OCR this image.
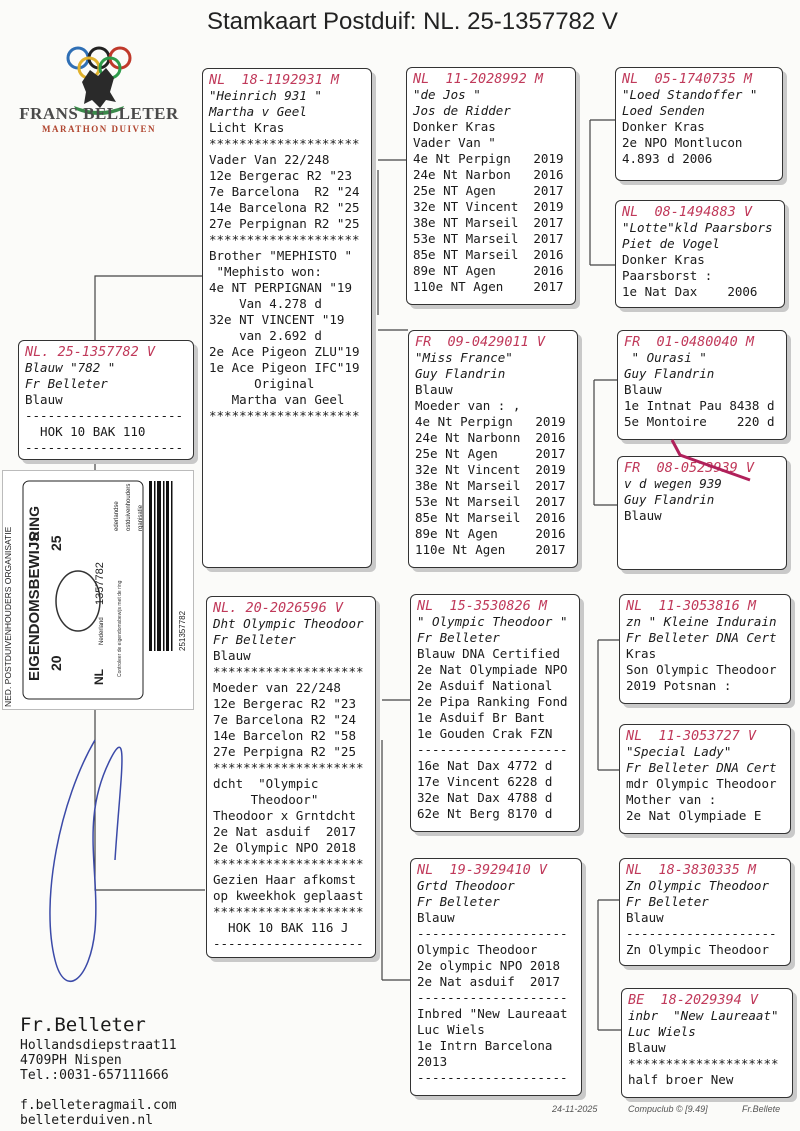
Stamkaart Postduif: NL. 25-1357782 V
FRANS BELLETER
MARATHON DUIVEN
NL. 25-1357782 V
Blauw "782 "
Fr Belleter
Blauw
---------------------
HOK 10 BAK 110
---------------------
NED. POSTDUIVENHOUDERS ORGANISATIE EIGENDOMSBEWIJS
RING
20
25
NL
Nederland
1357782 Controleer de eigendomsbewijs met de ring
ederlandse ostduivenhouders rganisatie
251357782
NL  18-1192931 M
"Heinrich 931 "
Martha v Geel
Licht Kras
********************
Vader Van 22/248
12e Bergerac R2 "23
7e Barcelona  R2 "24
14e Barcelona R2 "25
27e Perpignan R2 "25
********************
Brother "MEPHISTO "
"Mephisto won:
4e NT PERPIGNAN "19
Van 4.278 d
32e NT VINCENT "19
van 2.692 d
2e Ace Pigeon ZLU"19
1e Ace Pigeon IFC"19
Original
Martha van Geel
********************
NL. 20-2026596 V
Dht Olympic Theodoor
Fr Belleter
Blauw
********************
Moeder van 22/248
12e Bergerac R2 "23
7e Barcelona R2 "24
14e Barcelon R2 "58
27e Perpigna R2 "25
********************
dcht  "Olympic
Theodoor"
Theodoor x Grntdcht
2e Nat asduif  2017
2e Olympic NPO 2018
********************
Gezien Haar afkomst
op kweekhok geplaast
********************
HOK 10 BAK 116 J
--------------------
NL  11-2028992 M
"de Jos "
Jos de Ridder
Donker Kras
Vader Van "
4e Nt Perpign   2019
24e Nt Narbon   2016
25e NT Agen     2017
32e NT Vincent  2019
38e NT Marseil  2017
53e NT Marseil  2017
85e NT Marseil  2016
89e NT Agen     2016
110e NT Agen    2017
FR  09-0429011 V
"Miss France"
Guy Flandrin
Blauw
Moeder van : ,
4e Nt Perpign   2019
24e Nt Narbonn  2016
25e Nt Agen     2017
32e Nt Vincent  2019
38e Nt Marseil  2017
53e Nt Marseil  2017
85e Nt Marseil  2016
89e Nt Agen     2016
110e Nt Agen    2017
NL  15-3530826 M
" Olympic Theodoor "
Fr Belleter
Blauw DNA Certified
2e Nat Olympiade NPO
2e Asduif National
2e Pipa Ranking Fond
1e Asduif Br Bant
1e Gouden Crak FZN
--------------------
16e Nat Dax 4772 d
17e Vincent 6228 d
32e Nat Dax 4788 d
62e Nt Berg 8170 d
NL  19-3929410 V
Grtd Theodoor
Fr Belleter
Blauw
--------------------
Olympic Theodoor
2e olympic NPO 2018
2e Nat asduif  2017
--------------------
Inbred "New Laureaat
Luc Wiels
1e Intrn Barcelona
2013
--------------------
NL  05-1740735 M
"Loed Standoffer "
Loed Senden
Donker Kras
2e NPO Montlucon
4.893 d 2006
NL  08-1494883 V
"Lotte"kld Paarsbors
Piet de Vogel
Donker Kras
Paarsborst :
1e Nat Dax    2006
FR  01-0480040 M
" Ourasi "
Guy Flandrin
Blauw
1e Intnat Pau 8438 d
5e Montoire    220 d
FR  08-0523939 V
v d wegen 939
Guy Flandrin
Blauw
NL  11-3053816 M
zn " Kleine Indurain
Fr Belleter DNA Cert
Kras
Son Olympic Theodoor
2019 Potsnan :
NL  11-3053727 V
"Special Lady"
Fr Belleter DNA Cert
mdr Olympic Theodoor
Mother van :
2e Nat Olympiade E
NL  18-3830335 M
Zn Olympic Theodoor
Fr Belleter
Blauw
--------------------
Zn Olympic Theodoor
BE  18-2029394 V
inbr  "New Laureaat"
Luc Wiels
Blauw
********************
half broer New
Fr.Belleter
Hollandsdiepstraat11
4709PH Nispen
Tel.:0031-657111666
f.belleteragmail.com
belleterduiven.nl
24-11-2025	Compuclub © [9.49]	Fr.Bellete
